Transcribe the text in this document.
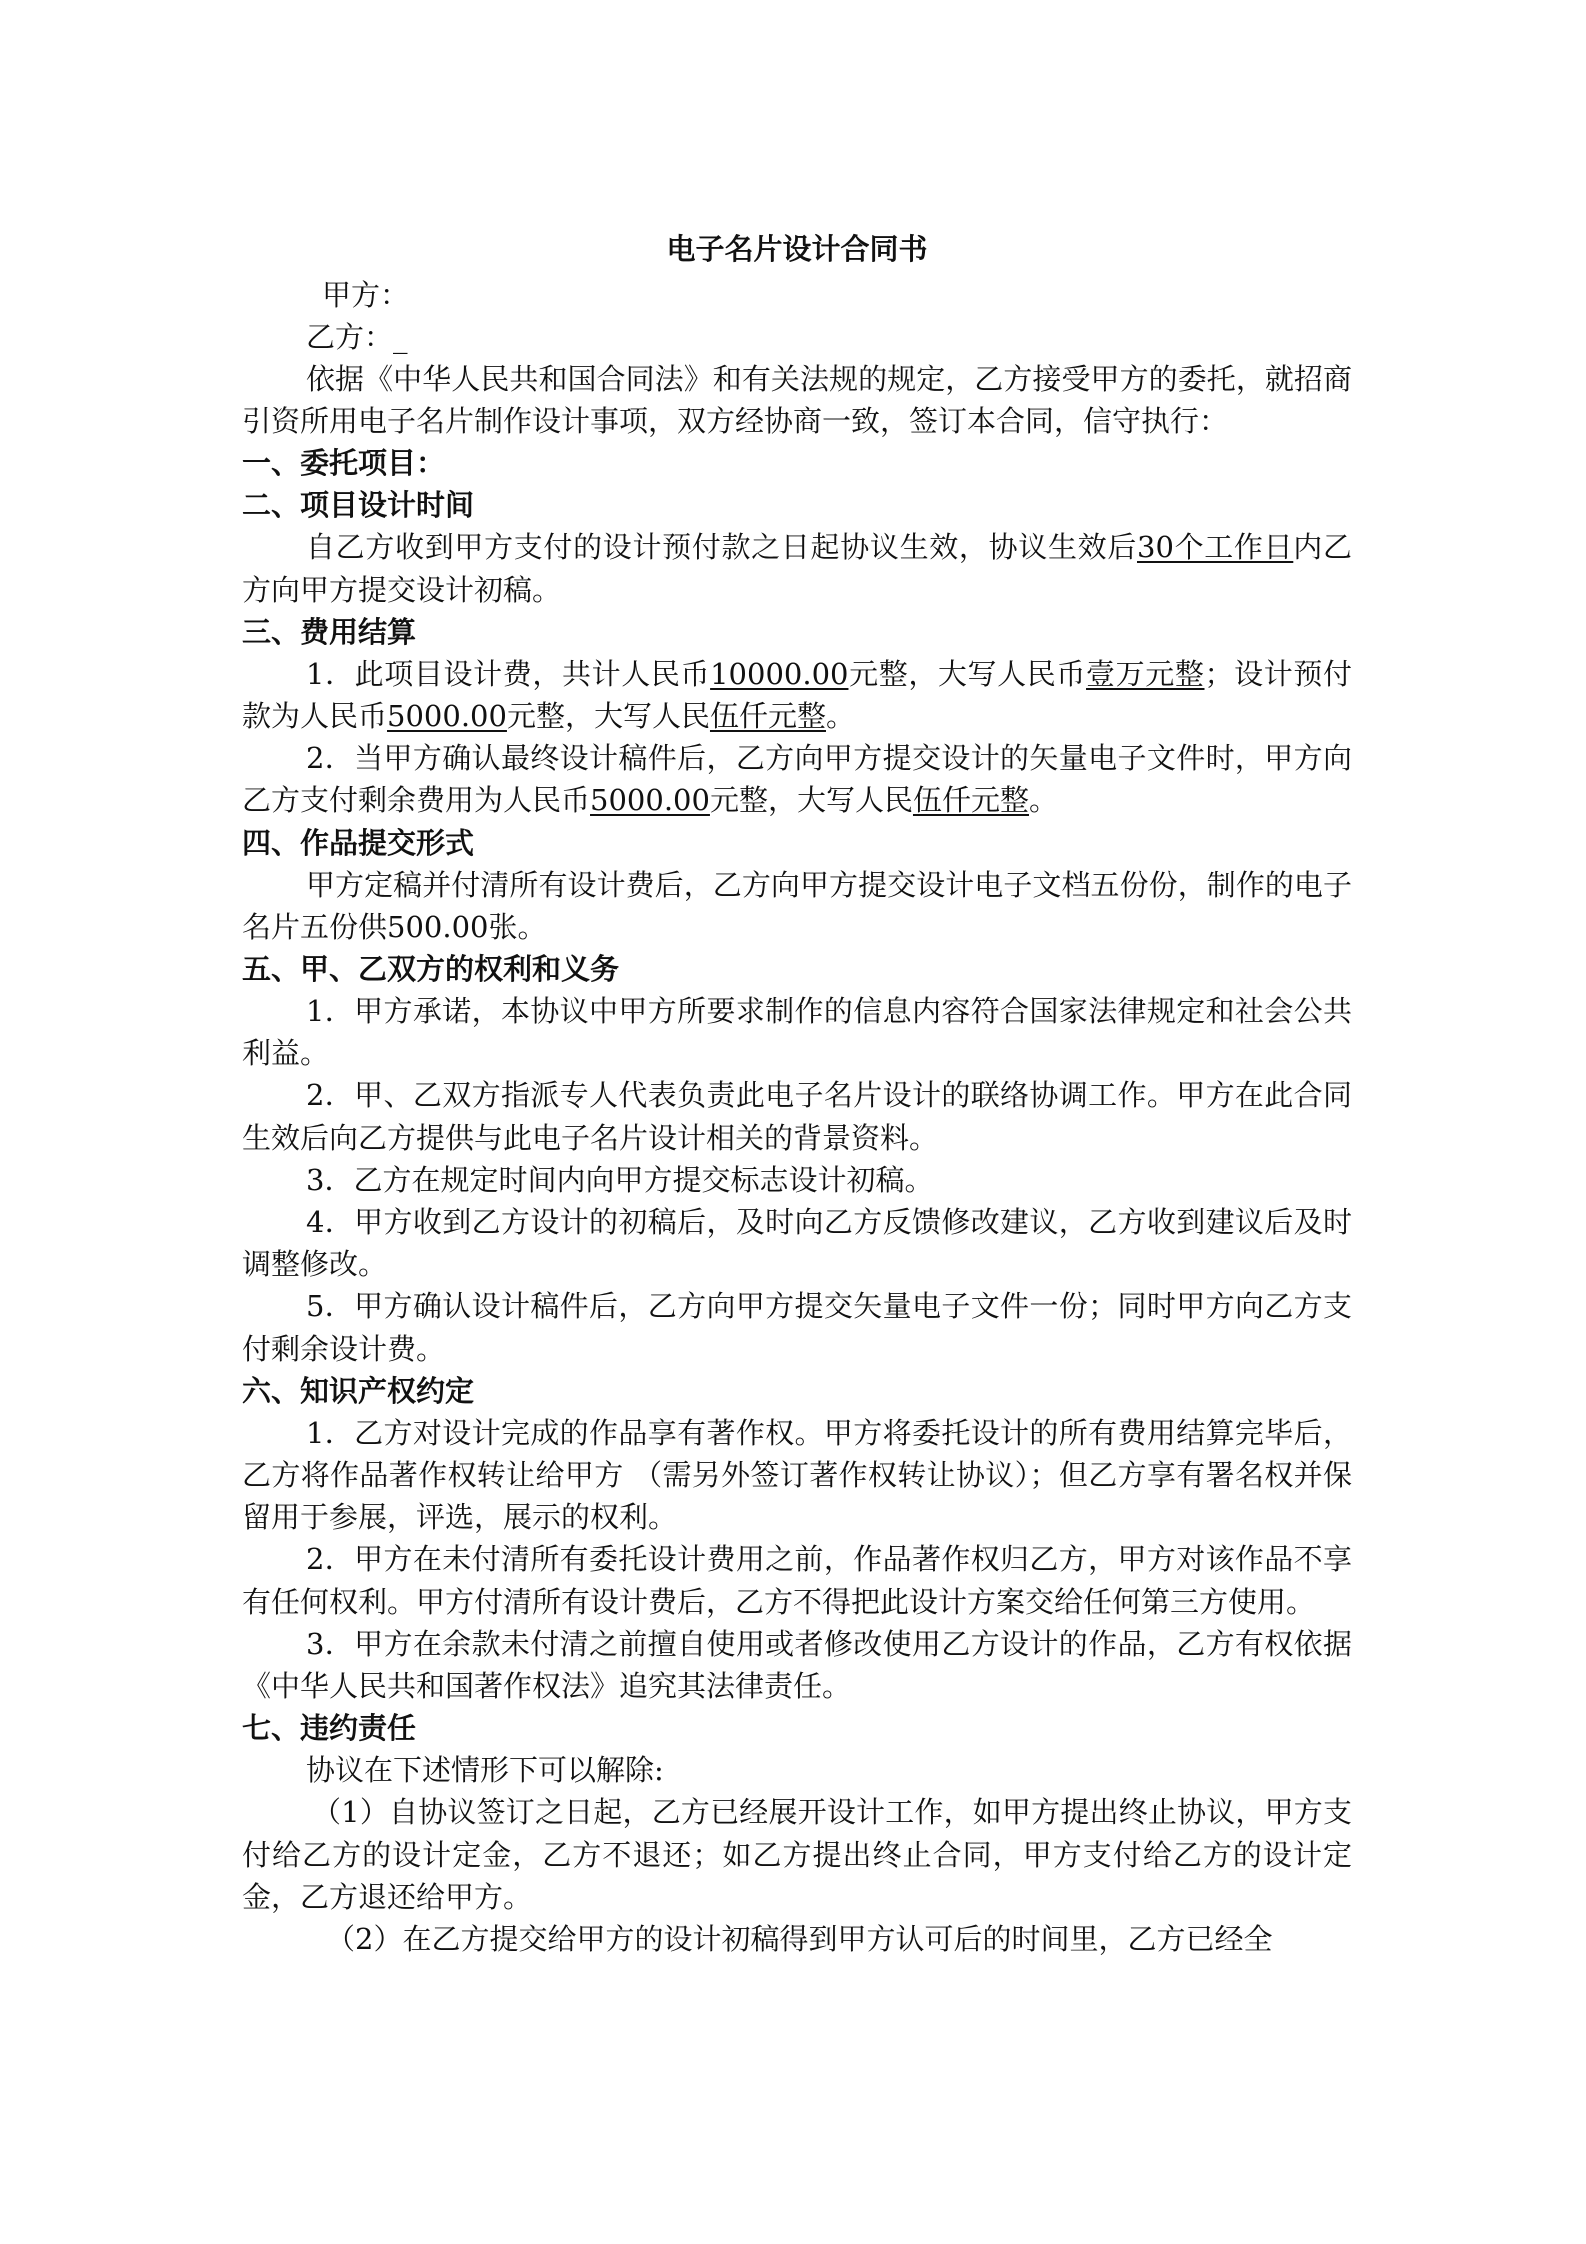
电子名片设计合同书
甲方：
乙方：_

依据《中华人民共和国合同法》和有关法规的规定，乙方接受甲方的委托，就招商引资所用电子名片制作设计事项，双方经协商一致，签订本合同，信守执行：

一、委托项目：
二、项目设计时间

自乙方收到甲方支付的设计预付款之日起协议生效，协议生效后30个工作日内乙方向甲方提交设计初稿。

三、费用结算

1．此项目设计费，共计人民币10000.00元整，大写人民币壹万元整；设计预付款为人民币5000.00元整，大写人民伍仟元整。

2．当甲方确认最终设计稿件后，乙方向甲方提交设计的矢量电子文件时，甲方向乙方支付剩余费用为人民币5000.00元整，大写人民伍仟元整。

四、作品提交形式

甲方定稿并付清所有设计费后，乙方向甲方提交设计电子文档五份份，制作的电子名片五份供500.00张。

五、甲、乙双方的权利和义务

1．甲方承诺，本协议中甲方所要求制作的信息内容符合国家法律规定和社会公共利益。

2．甲、乙双方指派专人代表负责此电子名片设计的联络协调工作。甲方在此合同生效后向乙方提供与此电子名片设计相关的背景资料。

3．乙方在规定时间内向甲方提交标志设计初稿。

4．甲方收到乙方设计的初稿后，及时向乙方反馈修改建议，乙方收到建议后及时调整修改。

5．甲方确认设计稿件后，乙方向甲方提交矢量电子文件一份；同时甲方向乙方支付剩余设计费。

六、知识产权约定

1．乙方对设计完成的作品享有著作权。甲方将委托设计的所有费用结算完毕后，乙方将作品著作权转让给甲方 （需另外签订著作权转让协议）；但乙方享有署名权并保留用于参展，评选，展示的权利。

2．甲方在未付清所有委托设计费用之前，作品著作权归乙方，甲方对该作品不享有任何权利。甲方付清所有设计费后，乙方不得把此设计方案交给任何第三方使用。

3．甲方在余款未付清之前擅自使用或者修改使用乙方设计的作品，乙方有权依据《中华人民共和国著作权法》追究其法律责任。

七、违约责任

协议在下述情形下可以解除:

（1）自协议签订之日起，乙方已经展开设计工作，如甲方提出终止协议，甲方支付给乙方的设计定金，乙方不退还；如乙方提出终止合同，甲方支付给乙方的设计定金，乙方退还给甲方。

（2）在乙方提交给甲方的设计初稿得到甲方认可后的时间里，乙方已经全
